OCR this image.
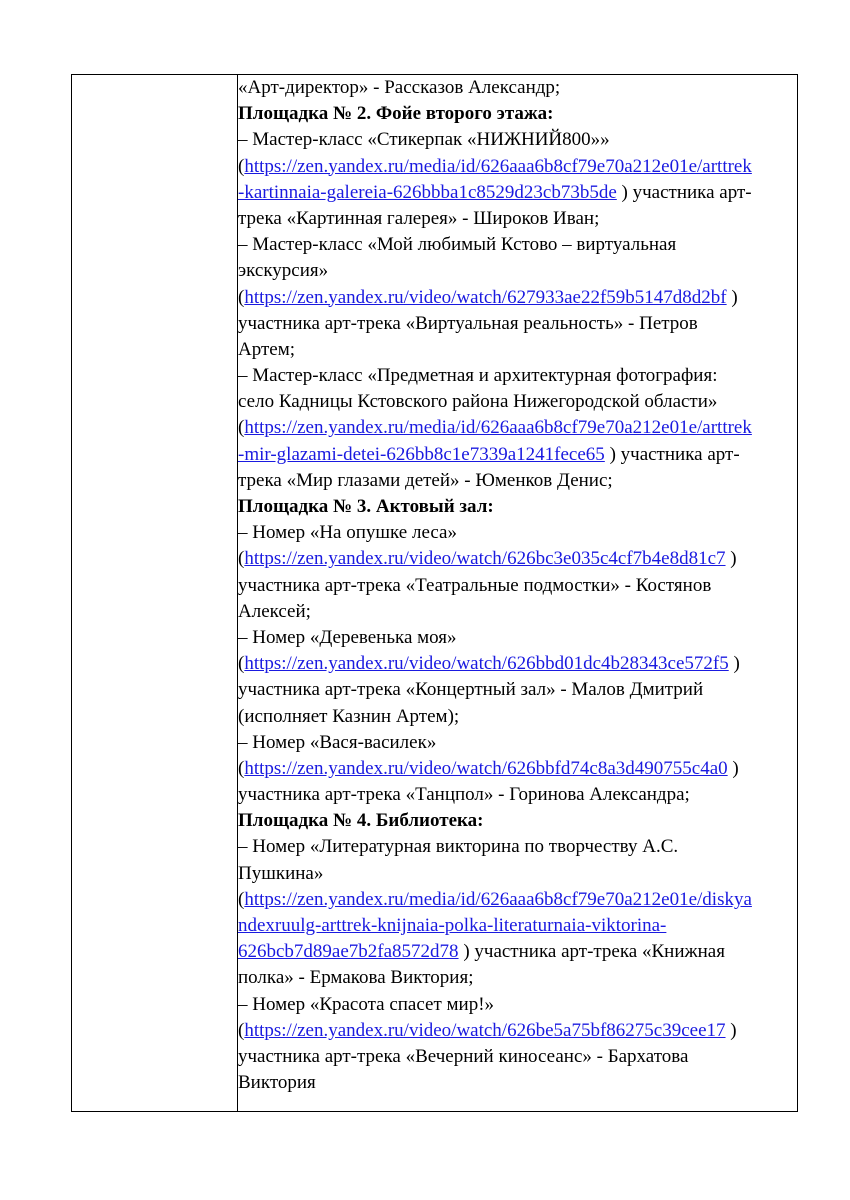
«Арт-директор» - Рассказов Александр;
Площадка № 2. Фойе второго этажа:
– Мастер-класс «Стикерпак «НИЖНИЙ800»»
(https://zen.yandex.ru/media/id/626aaa6b8cf79e70a212e01e/arttrek
-kartinnaia-galereia-626bbba1c8529d23cb73b5de ) участника арт-
трека «Картинная галерея» - Широков Иван;
– Мастер-класс «Мой любимый Кстово – виртуальная
экскурсия»
(https://zen.yandex.ru/video/watch/627933ae22f59b5147d8d2bf )
участника арт-трека «Виртуальная реальность» - Петров
Артем;
– Мастер-класс «Предметная и архитектурная фотография:
село Кадницы Кстовского района Нижегородской области»
(https://zen.yandex.ru/media/id/626aaa6b8cf79e70a212e01e/arttrek
-mir-glazami-detei-626bb8c1e7339a1241fece65 ) участника арт-
трека «Мир глазами детей» - Юменков Денис;
Площадка № 3. Актовый зал:
– Номер «На опушке леса»
(https://zen.yandex.ru/video/watch/626bc3e035c4cf7b4e8d81c7 )
участника арт-трека «Театральные подмостки» - Костянов
Алексей;
– Номер «Деревенька моя»
(https://zen.yandex.ru/video/watch/626bbd01dc4b28343ce572f5 )
участника арт-трека «Концертный зал» - Малов Дмитрий
(исполняет Казнин Артем);
– Номер «Вася-василек»
(https://zen.yandex.ru/video/watch/626bbfd74c8a3d490755c4a0 )
участника арт-трека «Танцпол» - Горинова Александра;
Площадка № 4. Библиотека:
– Номер «Литературная викторина по творчеству А.С.
Пушкина»
(https://zen.yandex.ru/media/id/626aaa6b8cf79e70a212e01e/diskya
ndexruulg-arttrek-knijnaia-polka-literaturnaia-viktorina-
626bcb7d89ae7b2fa8572d78 ) участника арт-трека «Книжная
полка» - Ермакова Виктория;
– Номер «Красота спасет мир!»
(https://zen.yandex.ru/video/watch/626be5a75bf86275c39cee17 )
участника арт-трека «Вечерний киносеанс» - Бархатова
Виктория
